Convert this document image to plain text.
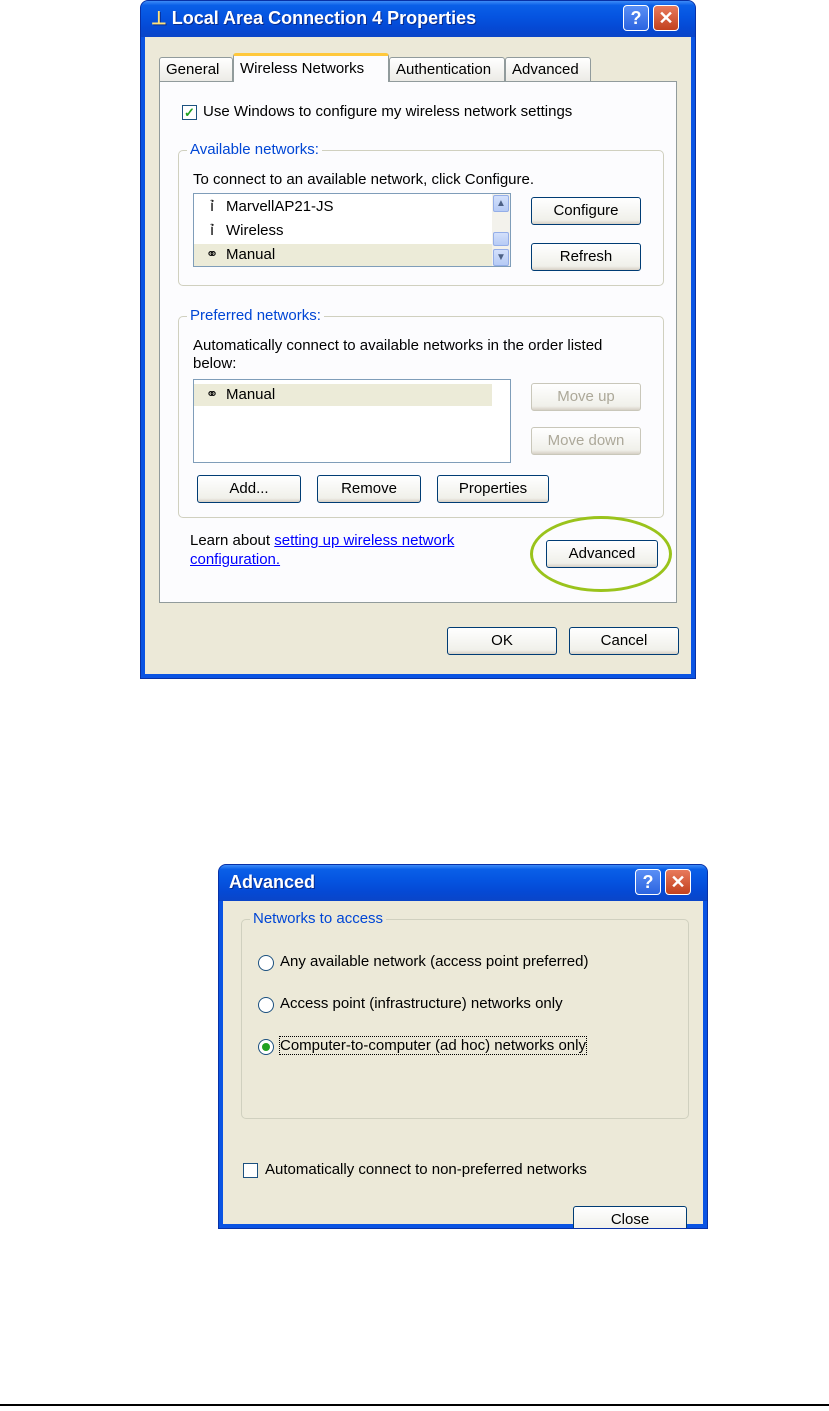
⊥ Local Area Connection 4 Properties	? ✕
General	Wireless Networks	Authentication	Advanced
✓ Use Windows to configure my wireless network settings
Available networks:
To connect to an available network, click Configure.
ỉ MarvellAP21-JS
ỉ Wireless
⚭ Manual
▲
▼
Configure
Refresh
Preferred networks:
Automatically connect to available networks in the order listed
below:
⚭ Manual	Move up
Move down
Add...	Remove	Properties
Learn about setting up wireless network
configuration.	Advanced
OK	Cancel
Advanced	? ✕
Networks to access
Any available network (access point preferred)
Access point (infrastructure) networks only
Computer-to-computer (ad hoc) networks only
Automatically connect to non-preferred networks
Close
